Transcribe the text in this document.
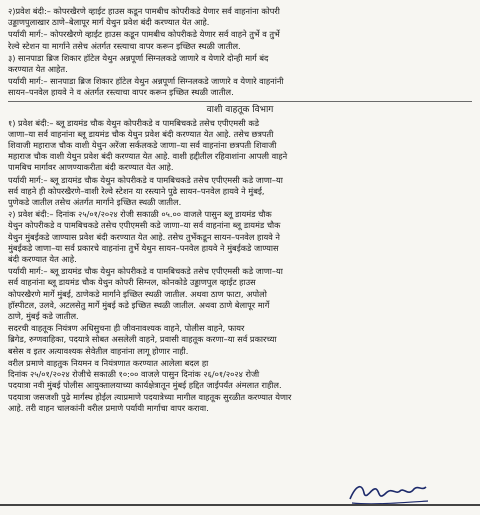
२)प्रवेश बंदी:– कोपरखैरणे व्हाईट हाउस कडून पामबीच कोपरीकडे येणार सर्व वाहनांना कोपरी
उड्डाणपुलाखार ठाणे–बेलापूर मार्ग येथुन प्रवेश बंदी करण्यात येत आहे.
पर्यायी मार्ग:– कोपरखैरणे व्हाईट हाउस कडून पामबीच कोपरीकडे येणार सर्व वाहने तुर्भे व तुर्भे
रेल्वे स्टेशन या मार्गाने तसेच अंतर्गत रस्त्याचा वापर करून इच्छित स्थळी जातील.
३) सानपाडा ब्रिज शिकार हॉटेल येथुन अन्नपूर्णा सिग्नलकडे जाणारे व येणारे दोन्ही मार्ग बंद
करण्यात येत आहेत.
पर्यायी मार्ग:– सानपाडा ब्रिज शिकार हॉटेल येथुन अन्नपूर्णा सिग्नलकडे जाणारे व येणारे वाहनांनी
सायन–पनवेल हायवे ने व अंतर्गत रस्त्याचा वापर करून इच्छित स्थळी जातील.
वाशी वाहतूक विभाग
१) प्रवेश बंदी:– ब्लू डायमंड चौक येथुन कोपरीकडे व पामबिचकडे तसेच एपीएमसी कडे
जाणा–या सर्व वाहनांना ब्लू डायमंड चौक येथुन प्रवेश बंदी करण्यात येत आहे. तसेच छत्रपती
शिवाजी महाराज चौक वाशी येथुन अरेंजा सर्कलकडे जाणा–या सर्व वाहनांना छत्रपती शिवाजी
महाराज चौक वाशी येथुन प्रवेश बंदी करण्यात येत आहे. वाशी हद्दीतील रहिवाशांना आपली वाहने
पामबिच मार्गावर आणण्याकरीता बंदी करण्यात येत आहे.
पर्यायी मार्ग:– ब्लू डायमंड चौक येथुन कोपरीकडे व पामबिचकडे तसेच एपीएमसी कडे जाणा–या
सर्व वाहने ही कोपरखैरणे–वाशी रेल्वे स्टेशन या रस्त्याने पुढे सायन–पनवेल हायवे ने मुंबई,
पुणेकडे जातील तसेच अंतर्गत मार्गाने इच्छित स्थळी जातील.
२) प्रवेश बंदी:– दिनांक २५/०१/२०२४ रोजी सकाळी ०५.०० वाजले पासुन ब्लू डायमंड चौक
येथुन कोपरीकडे व पामबिचकडे तसेच एपीएमसी कडे जाणा–या सर्व वाहनांना ब्लू डायमंड चौक
येथुन मुंबईकडे जाण्यास प्रवेश बंदी करण्यात येत आहे. तसेच तुर्भेकडून सायन–पनवेल हायवे ने
मुंबईकडे जाणा–या सर्व प्रकारचे वाहनांना तुर्भे येथुन सायन–पनवेल हायवे ने मुंबईकडे जाण्यास
बंदी करण्यात येत आहे.
पर्यायी मार्ग:– ब्लू डायमंड चौक येथुन कोपरीकडे व पामबिचकडे तसेच एपीएमसी कडे जाणा–या
सर्व वाहनांना ब्लू डायमंड चौक येथुन कोपरी सिग्नल, कोनकोडे उड्डाणपुल व्हाईट हाउस
कोपरखैरणे मार्गे मुंबई, ठाणेकडे मार्गाने इच्छित स्थळी जातील. अथवा ठाण फाटा, अपोलो
हॉस्पीटल, उलवे, अटलसेतु मार्गे मुंबई कडे इच्छित स्थळी जातील. अथवा ठाणे बेलापूर मार्गे
ठाणे, मुंबई कडे जातील.
सदरची वाहतूक नियंत्रण अधिसुचना ही जीवनावश्यक वाहने, पोलीस वाहने, फायर
ब्रिगेड, रुग्णवाहिका, पदयात्रे सोबत असलेली वाहने, प्रवासी वाहतूक करणा–या सर्व प्रकारच्या
बसेस व इतर अत्यावश्यक सेवेतील वाहनांना लागू होणार नाही.
वरील प्रमाणे वाहतुक नियमन व नियंत्रणात करण्यात आलेला बदल हा
दिनांक २५/०१/२०२४ रोजीचे सकाळी १०:०० वाजले पासुन दिनांक २६/०१/२०२४ रोजी
पदयात्रा नवी मुंबई पोलीस आयुक्तालयाच्या कार्यक्षेत्रातून मुंबई हद्दित जाईपर्यंत अंमलात राहील.
पदयात्रा जसजशी पुढे मार्गस्थ होईल त्याप्रमाणे पदयात्रेच्या मागील वाहतूक सुरळीत करण्यात येणार
आहे. तरी वाहन चालकांनी वरील प्रमाणे पर्यायी मार्गाचा वापर करावा.
